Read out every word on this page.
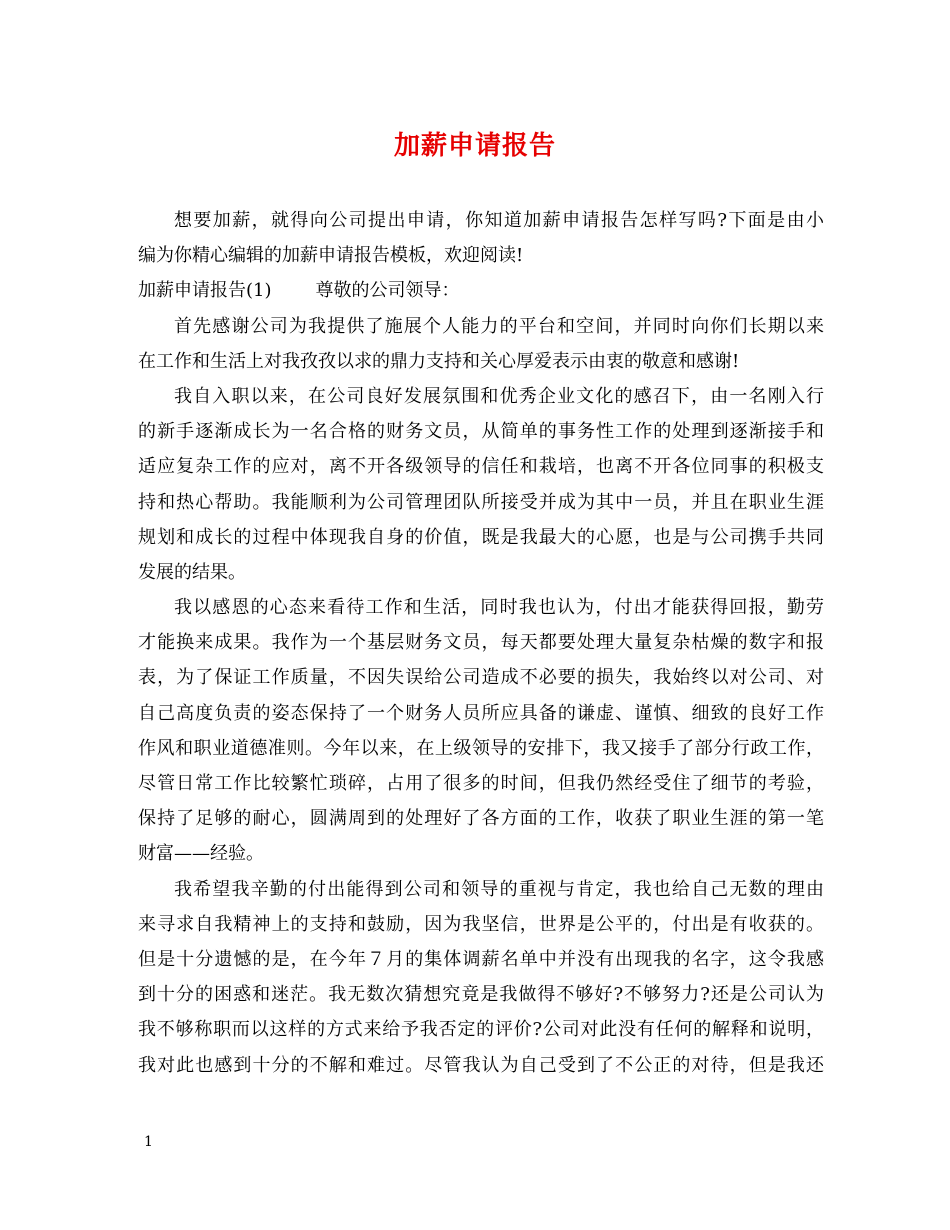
加薪申请报告
想要加薪，就得向公司提出申请，你知道加薪申请报告怎样写吗?下面是由小
编为你精心编辑的加薪申请报告模板，欢迎阅读!
加薪申请报告(1) 尊敬的公司领导：
首先感谢公司为我提供了施展个人能力的平台和空间，并同时向你们长期以来
在工作和生活上对我孜孜以求的鼎力支持和关心厚爱表示由衷的敬意和感谢!
我自入职以来，在公司良好发展氛围和优秀企业文化的感召下，由一名刚入行
的新手逐渐成长为一名合格的财务文员，从简单的事务性工作的处理到逐渐接手和
适应复杂工作的应对，离不开各级领导的信任和栽培，也离不开各位同事的积极支
持和热心帮助。我能顺利为公司管理团队所接受并成为其中一员，并且在职业生涯
规划和成长的过程中体现我自身的价值，既是我最大的心愿，也是与公司携手共同
发展的结果。
我以感恩的心态来看待工作和生活，同时我也认为，付出才能获得回报，勤劳
才能换来成果。我作为一个基层财务文员，每天都要处理大量复杂枯燥的数字和报
表，为了保证工作质量，不因失误给公司造成不必要的损失，我始终以对公司、对
自己高度负责的姿态保持了一个财务人员所应具备的谦虚、谨慎、细致的良好工作
作风和职业道德准则。今年以来，在上级领导的安排下，我又接手了部分行政工作，
尽管日常工作比较繁忙琐碎，占用了很多的时间，但我仍然经受住了细节的考验，
保持了足够的耐心，圆满周到的处理好了各方面的工作，收获了职业生涯的第一笔
财富——经验。
我希望我辛勤的付出能得到公司和领导的重视与肯定，我也给自己无数的理由
来寻求自我精神上的支持和鼓励，因为我坚信，世界是公平的，付出是有收获的。
但是十分遗憾的是，在今年７月的集体调薪名单中并没有出现我的名字，这令我感
到十分的困惑和迷茫。我无数次猜想究竟是我做得不够好?不够努力?还是公司认为
我不够称职而以这样的方式来给予我否定的评价?公司对此没有任何的解释和说明，
我对此也感到十分的不解和难过。尽管我认为自己受到了不公正的对待，但是我还
1
